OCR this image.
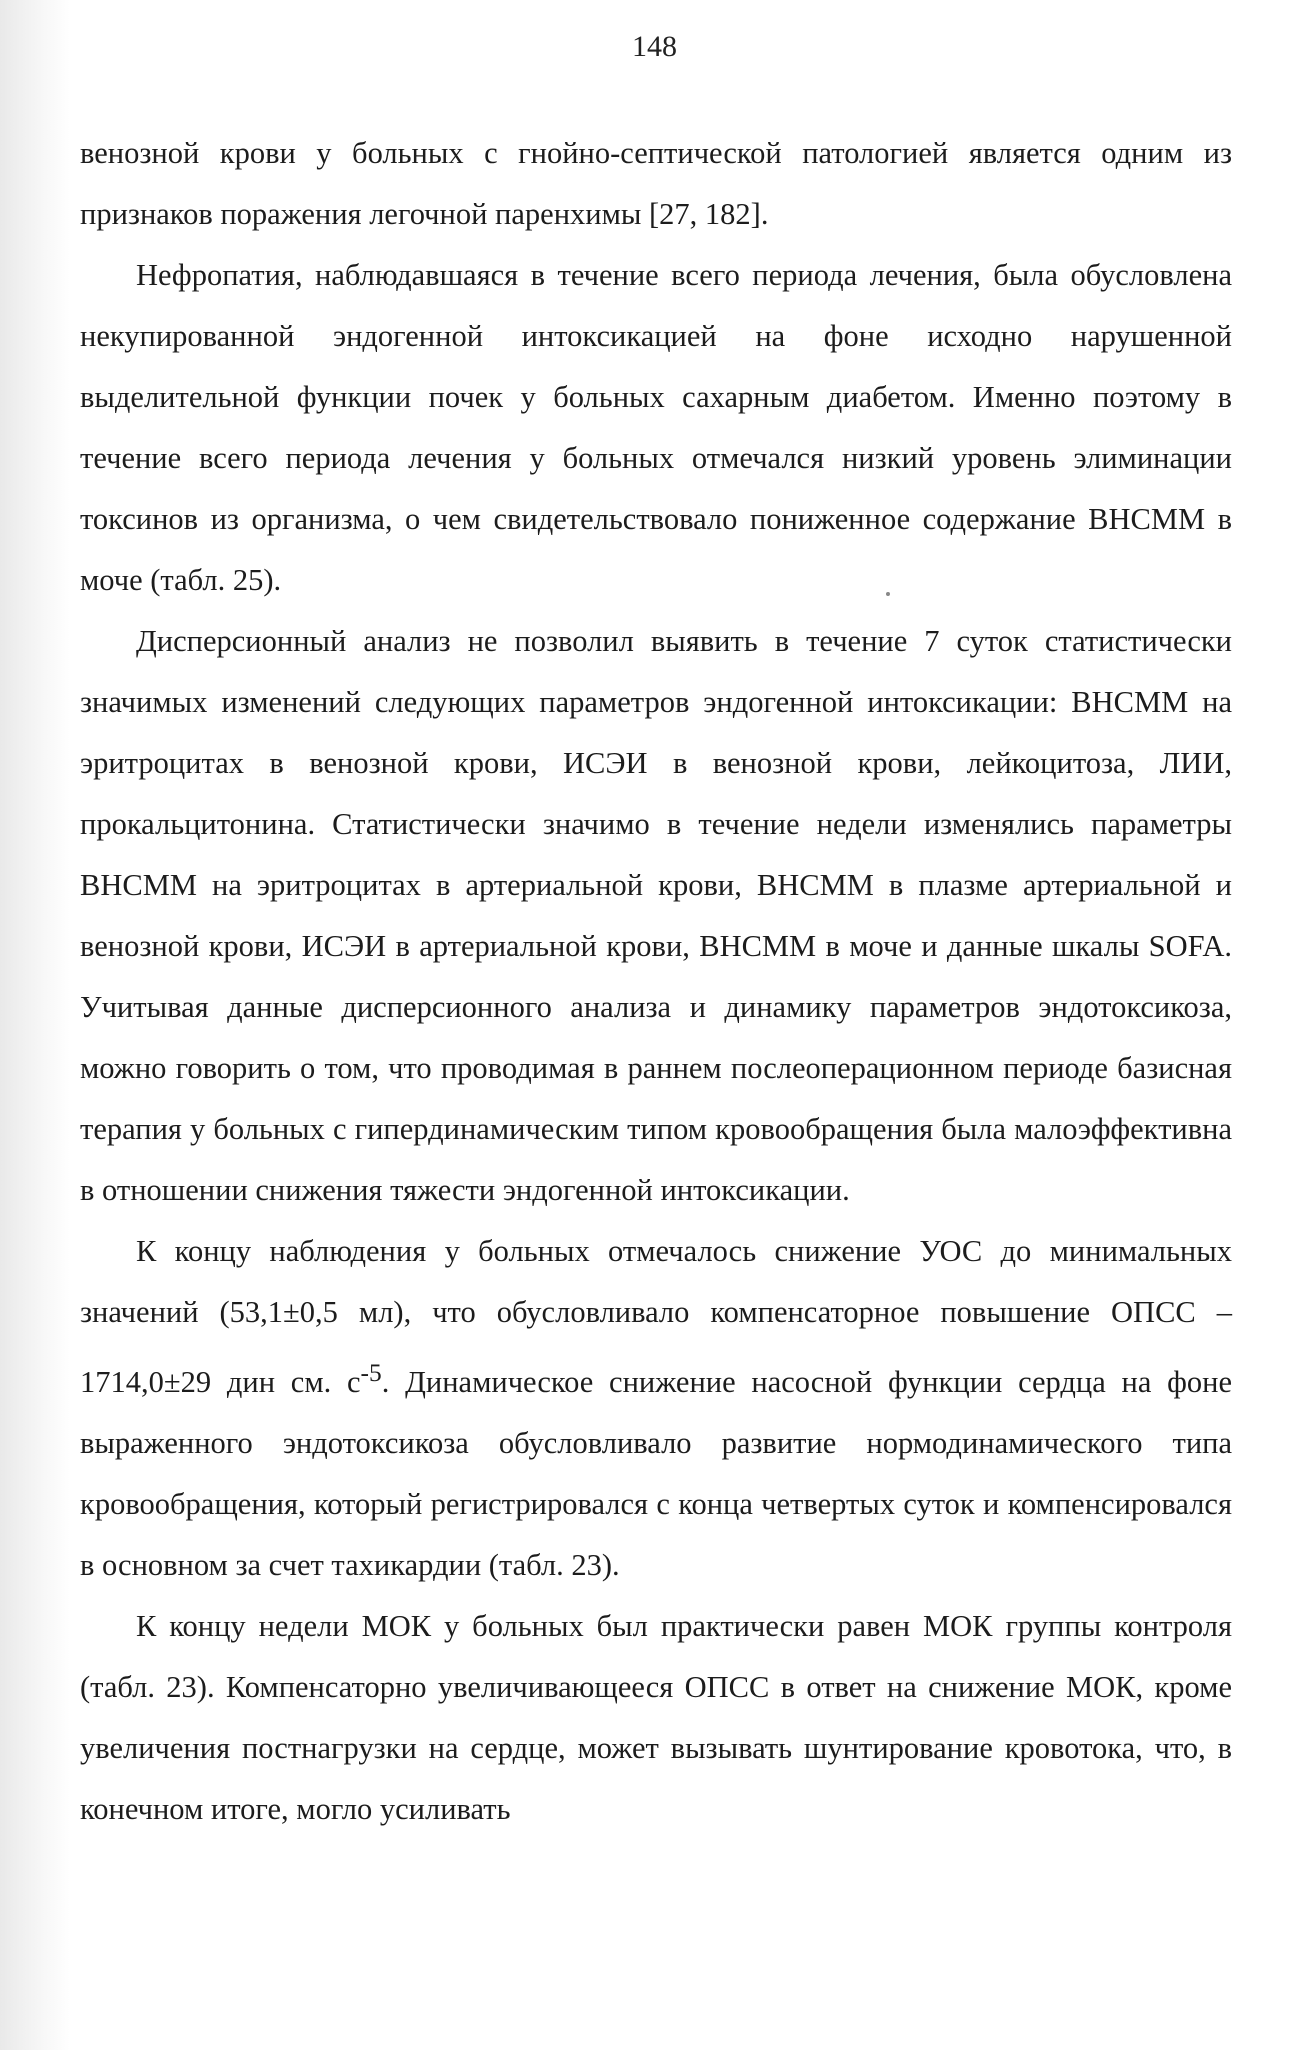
148

венозной крови у больных с гнойно-септической патологией является одним из признаков поражения легочной паренхимы [27, 182].

Нефропатия, наблюдавшаяся в течение всего периода лечения, была обусловлена некупированной эндогенной интоксикацией на фоне исходно нарушенной выделительной функции почек у больных сахарным диабетом. Именно поэтому в течение всего периода лечения у больных отмечался низкий уровень элиминации токсинов из организма, о чем свидетельствовало пониженное содержание ВНСММ в моче (табл. 25).

Дисперсионный анализ не позволил выявить в течение 7 суток статистически значимых изменений следующих параметров эндогенной интоксикации: ВНСММ на эритроцитах в венозной крови, ИСЭИ в венозной крови, лейкоцитоза, ЛИИ, прокальцитонина. Статистически значимо в течение недели изменялись параметры ВНСММ на эритроцитах в артериальной крови, ВНСММ в плазме артериальной и венозной крови, ИСЭИ в артериальной крови, ВНСММ в моче и данные шкалы SOFA. Учитывая данные дисперсионного анализа и динамику параметров эндотоксикоза, можно говорить о том, что проводимая в раннем послеоперационном периоде базисная терапия у больных с гипердинамическим типом кровообращения была малоэффективна в отношении снижения тяжести эндогенной интоксикации.

К концу наблюдения у больных отмечалось снижение УОС до минимальных значений (53,1±0,5 мл), что обусловливало компенсаторное повышение ОПСС – 1714,0±29 дин см. $с^{-5}$. Динамическое снижение насосной функции сердца на фоне выраженного эндотоксикоза обусловливало развитие нормодинамического типа кровообращения, который регистрировался с конца четвертых суток и компенсировался в основном за счет тахикардии (табл. 23).

К концу недели МОК у больных был практически равен МОК группы контроля (табл. 23). Компенсаторно увеличивающееся ОПСС в ответ на снижение МОК, кроме увеличения постнагрузки на сердце, может вызывать шунтирование кровотока, что, в конечном итоге, могло усиливать
